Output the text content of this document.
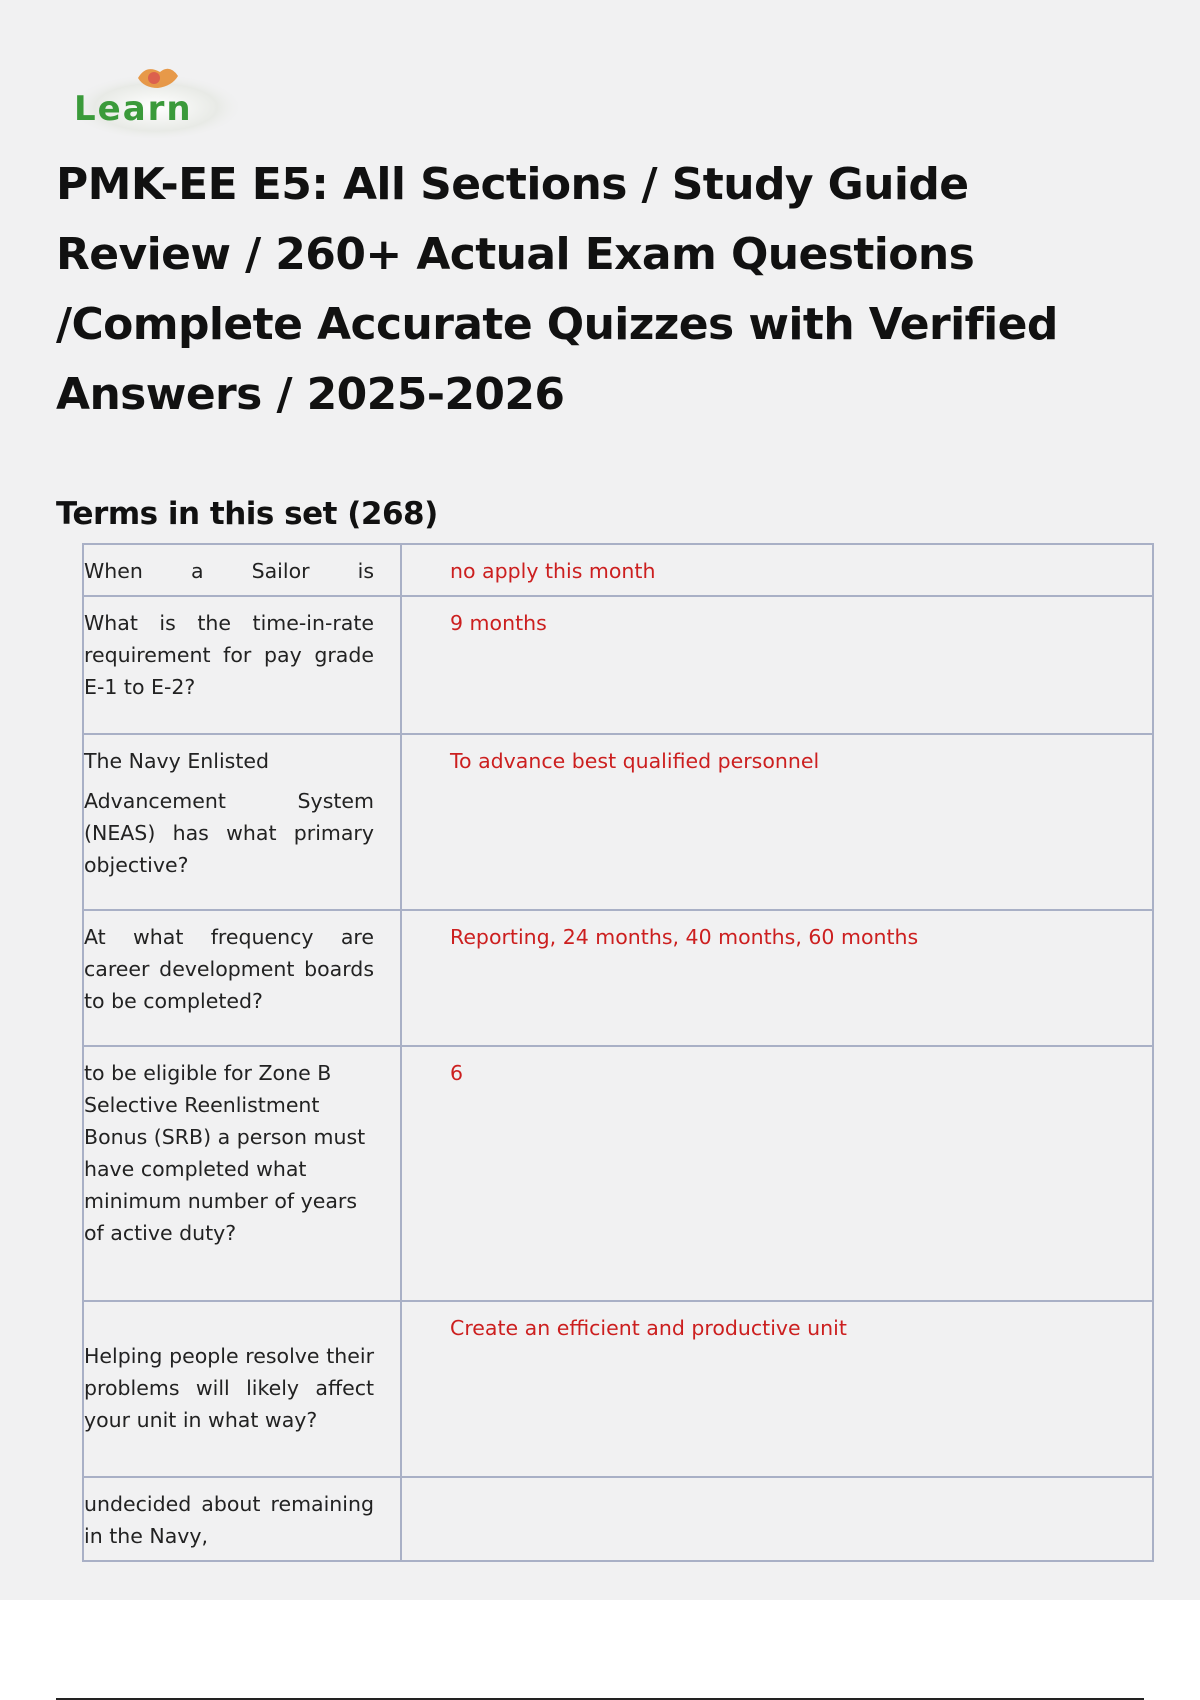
Learn
PMK-EE E5: All Sections / Study Guide Review / 260+ Actual Exam Questions /Complete Accurate Quizzes with Verified Answers / 2025-2026
Terms in this set (268)
When a Sailor is	no apply this month
What is the time-in-rate requirement for pay grade E-1 to E-2?	9 months

The Navy Enlisted
Advancement System (NEAS) has what primary objective?	To advance best qualified personnel
At what frequency are career development boards to be completed?	Reporting, 24 months, 40 months, 60 months
to be eligible for Zone B Selective Reenlistment Bonus (SRB) a person must have completed what minimum number of years of active duty?	6
Helping people resolve their problems will likely affect your unit in what way?	Create an efficient and productive unit
undecided about remaining in the Navy,	
